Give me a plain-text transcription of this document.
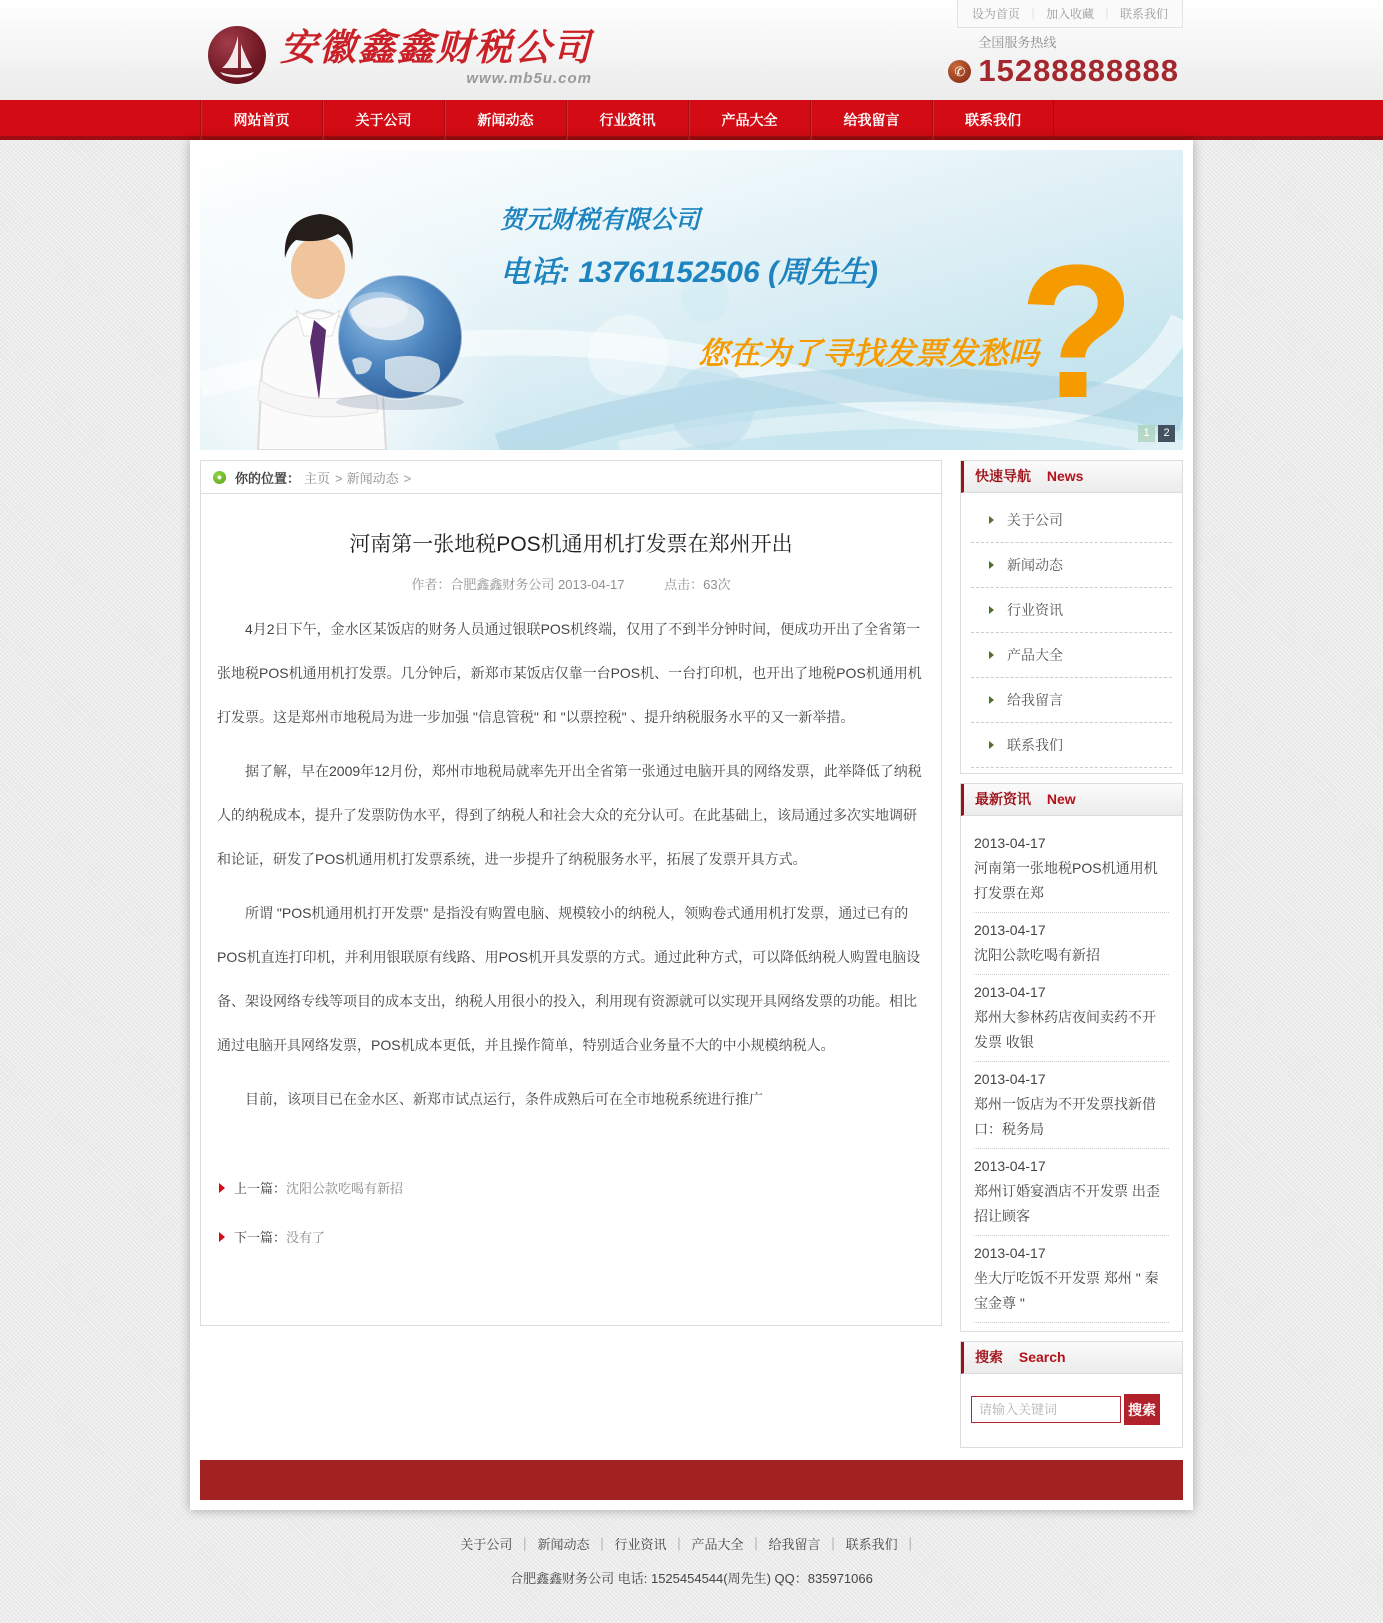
设为首页 ｜ 加入收藏 ｜ 联系我们
安徽鑫鑫财税公司
www.mb5u.com
全国服务热线
✆ 15288888888
网站首页	关于公司	新闻动态	行业资讯	产品大全	给我留言	联系我们
贺元财税有限公司
电话: 13761152506 (周先生)
您在为了寻找发票发愁吗
? 1	2
● 你的位置： 主页 > 新闻动态 >
河南第一张地税POS机通用机打发票在郑州开出
作者：合肥鑫鑫财务公司 2013-04-17	点击：63次

4月2日下午，金水区某饭店的财务人员通过银联POS机终端，仅用了不到半分钟时间，便成功开出了全省第一张地税POS机通用机打发票。几分钟后，新郑市某饭店仅靠一台POS机、一台打印机，也开出了地税POS机通用机打发票。这是郑州市地税局为进一步加强 "信息管税" 和 "以票控税" 、提升纳税服务水平的又一新举措。

据了解，早在2009年12月份，郑州市地税局就率先开出全省第一张通过电脑开具的网络发票，此举降低了纳税人的纳税成本，提升了发票防伪水平，得到了纳税人和社会大众的充分认可。在此基础上，该局通过多次实地调研和论证，研发了POS机通用机打发票系统，进一步提升了纳税服务水平，拓展了发票开具方式。

所谓 "POS机通用机打开发票" 是指没有购置电脑、规模较小的纳税人，领购卷式通用机打发票，通过已有的POS机直连打印机，并利用银联原有线路、用POS机开具发票的方式。通过此种方式，可以降低纳税人购置电脑设备、架设网络专线等项目的成本支出，纳税人用很小的投入，利用现有资源就可以实现开具网络发票的功能。相比通过电脑开具网络发票，POS机成本更低，并且操作简单，特别适合业务量不大的中小规模纳税人。

目前，该项目已在金水区、新郑市试点运行，条件成熟后可在全市地税系统进行推广

上一篇： 沈阳公款吃喝有新招
下一篇： 没有了
快速导航 News
关于公司
新闻动态
行业资讯
产品大全
给我留言
联系我们
最新资讯 New
2013-04-17
河南第一张地税POS机通用机打发票在郑
2013-04-17
沈阳公款吃喝有新招
2013-04-17
郑州大参林药店夜间卖药不开发票 收银
2013-04-17
郑州一饭店为不开发票找新借口：税务局
2013-04-17
郑州订婚宴酒店不开发票 出歪招让顾客
2013-04-17
坐大厅吃饭不开发票 郑州 " 秦宝金尊 "
搜索 Search
请输入关键词
搜索
关于公司 ｜ 新闻动态 ｜ 行业资讯 ｜ 产品大全 ｜ 给我留言 ｜ 联系我们 ｜
合肥鑫鑫财务公司 电话: 1525454544(周先生) QQ：835971066
